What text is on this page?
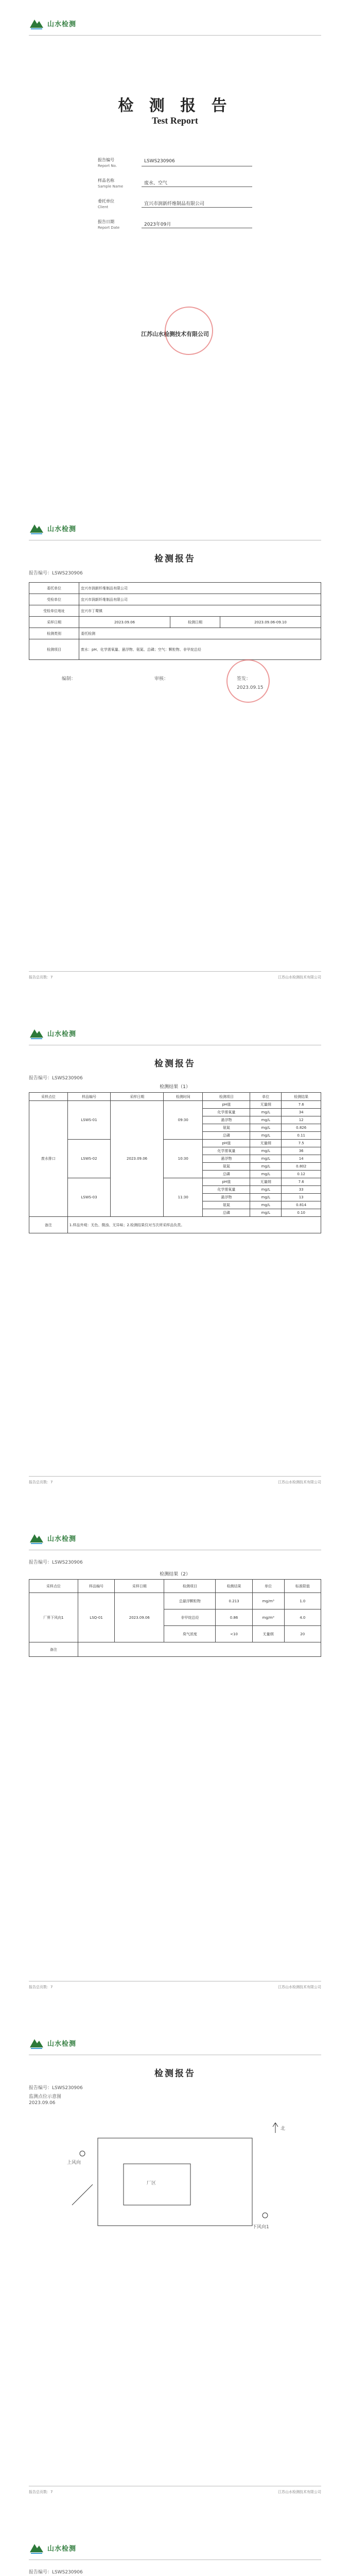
山水检测
检 测 报 告
Test Report
报告编号
Report No.
LSWS230906
样品名称
Sample Name
废水、空气
委托单位
Client
宜兴市润新纤维制品有限公司
报告日期
Report Date
2023年09月
江苏山水检测技术有限公司
山水检测
检测报告
报告编号：LSWS230906
委托单位	宜兴市润新纤维制品有限公司		
受检单位	宜兴市润新纤维制品有限公司		
受检单位地址	宜兴市丁蜀镇		
采样日期	2023.09.06	检测日期	2023.09.06-09.10
检测类别	委托检测		
检测项目	废水：pH、化学需氧量、悬浮物、氨氮、总磷；空气：颗粒物、非甲烷总烃		
编制：	审核：	签发：
2023.09.15
报告总页数：7	江苏山水检测技术有限公司
山水检测
检测报告
报告编号：LSWS230906
检测结果（1）
采样点位	样品编号	采样日期	检测时间	检测项目	单位	检测结果
废水排口	LSWS-01	2023.09.06	09:30	pH值	无量纲	7.6
				化学需氧量	mg/L	34
				悬浮物	mg/L	12
				氨氮	mg/L	0.826
				总磷	mg/L	0.11
	LSWS-02		10:30	pH值	无量纲	7.5
				化学需氧量	mg/L	36
				悬浮物	mg/L	14
				氨氮	mg/L	0.802
				总磷	mg/L	0.12
	LSWS-03		11:30	pH值	无量纲	7.6
				化学需氧量	mg/L	33
				悬浮物	mg/L	13
				氨氮	mg/L	0.814
				总磷	mg/L	0.10
备注	1.样品外观：无色、微浊、无异味；2.检测结果仅对当次所采样品负责。					
报告总页数：7	江苏山水检测技术有限公司
山水检测
报告编号：LSWS230906
检测结果（2）
采样点位	样品编号	采样日期	检测项目	检测结果	单位	标准限值
厂界下风向1	LSQ-01	2023.09.06	总悬浮颗粒物	0.213	mg/m³	1.0
			非甲烷总烃	0.86	mg/m³	4.0
			臭气浓度	<10	无量纲	20
备注						
报告总页数：7	江苏山水检测技术有限公司
山水检测
检测报告
报告编号：LSWS230906
监测点位示意图
2023.09.06
厂区
北
下风向1
上风向
报告总页数：7	江苏山水检测技术有限公司
山水检测
报告编号：LSWS230906
